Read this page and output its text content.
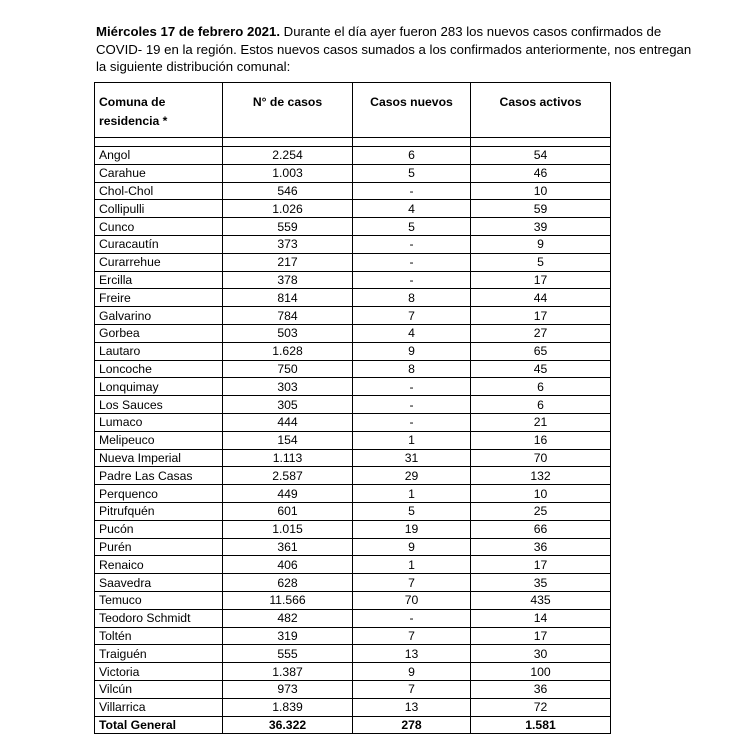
Miércoles 17 de febrero 2021. Durante el día ayer fueron 283 los nuevos casos confirmados de COVID- 19 en la región. Estos nuevos casos sumados a los confirmados anteriormente, nos entregan la siguiente distribución comunal:

Comuna de residencia *	N° de casos	Casos nuevos	Casos activos

Angol	2.254	6	54
Carahue	1.003	5	46
Chol-Chol	546	-	10
Collipulli	1.026	4	59
Cunco	559	5	39
Curacautín	373	-	9
Curarrehue	217	-	5
Ercilla	378	-	17
Freire	814	8	44
Galvarino	784	7	17
Gorbea	503	4	27
Lautaro	1.628	9	65
Loncoche	750	8	45
Lonquimay	303	-	6
Los Sauces	305	-	6
Lumaco	444	-	21
Melipeuco	154	1	16
Nueva Imperial	1.113	31	70
Padre Las Casas	2.587	29	132
Perquenco	449	1	10
Pitrufquén	601	5	25
Pucón	1.015	19	66
Purén	361	9	36
Renaico	406	1	17
Saavedra	628	7	35
Temuco	11.566	70	435
Teodoro Schmidt	482	-	14
Toltén	319	7	17
Traiguén	555	13	30
Victoria	1.387	9	100
Vilcún	973	7	36
Villarrica	1.839	13	72
Total General	36.322	278	1.581
